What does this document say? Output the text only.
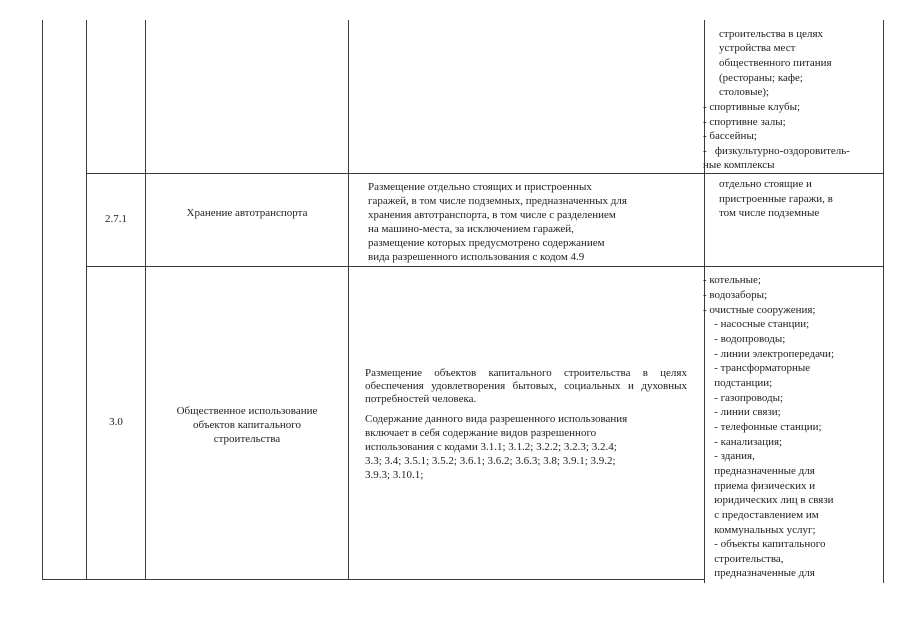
строительства в целях
устройства мест
общественного питания
(рестораны; кафе;
столовые);
- спортивные клубы;
- спортивне залы;
- бассейны;
-   физкультурно-оздоровитель-
ные комплексы
2.7.1	Хранение автотранспорта
Размещение отдельно стоящих и пристроенных
гаражей, в том числе подземных, предназначенных для
хранения автотранспорта, в том числе с разделением
на машино-места, за исключением гаражей,
размещение которых предусмотрено содержанием
вида разрешенного использования с кодом 4.9
отдельно стоящие и
пристроенные гаражи, в
том числе подземные
3.0
Общественное использование
объектов капитального
строительства
Размещение объектов капитального строительства в целях обеспечения удовлетворения бытовых, социальных и духовных потребностей человека.
Содержание данного вида разрешенного использования
включает в себя содержание видов разрешенного
использования с кодами 3.1.1; 3.1.2; 3.2.2; 3.2.3; 3.2.4;
3.3; 3.4; 3.5.1; 3.5.2; 3.6.1; 3.6.2; 3.6.3; 3.8; 3.9.1; 3.9.2;
3.9.3; 3.10.1;
- котельные;
- водозаборы;
- очистные сооружения;
- насосные станции;
- водопроводы;
- линии электропередачи;
- трансформаторные
подстанции;
- газопроводы;
- линии связи;
- телефонные станции;
- канализация;
- здания,
предназначенные для
приема физических и
юридических лиц в связи
с предоставлением им
коммунальных услуг;
- объекты капитального
строительства,
предназначенные для
